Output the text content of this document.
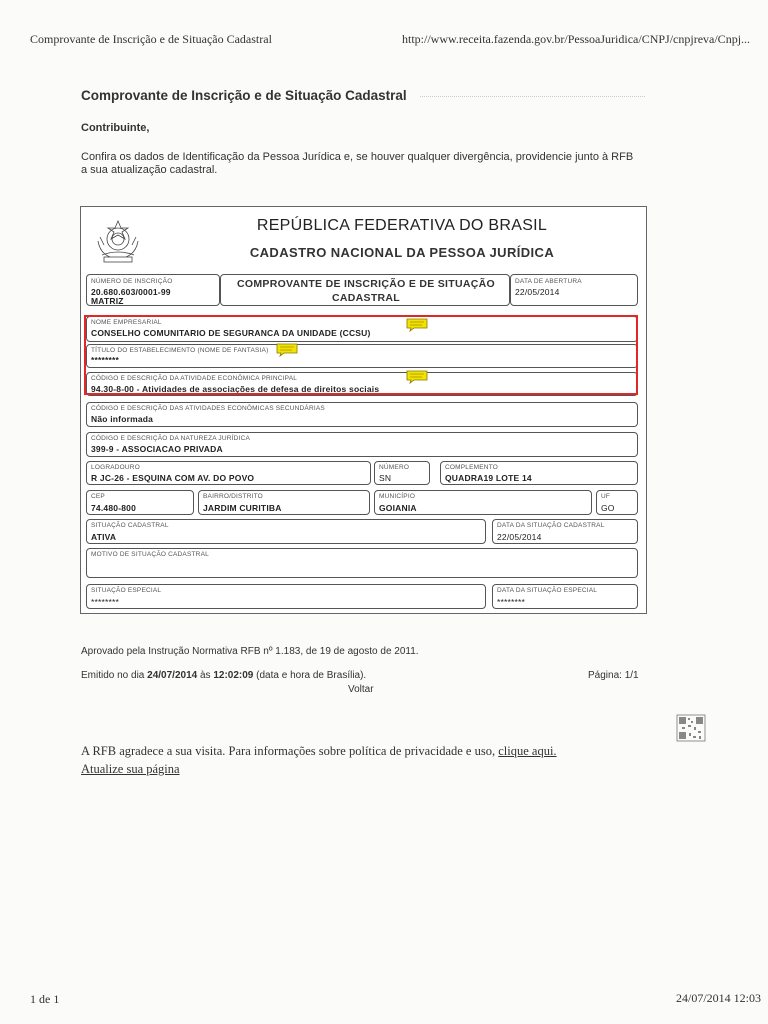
Comprovante de Inscrição e de Situação Cadastral	http://www.receita.fazenda.gov.br/PessoaJuridica/CNPJ/cnpjreva/Cnpj...
Comprovante de Inscrição e de Situação Cadastral
Contribuinte,
Confira os dados de Identificação da Pessoa Jurídica e, se houver qualquer divergência, providencie junto à RFB a sua atualização cadastral.
REPÚBLICA FEDERATIVA DO BRASIL
CADASTRO NACIONAL DA PESSOA JURÍDICA
NÚMERO DE INSCRIÇÃO
20.680.603/0001-99
MATRIZ
COMPROVANTE DE INSCRIÇÃO E DE SITUAÇÃO CADASTRAL
DATA DE ABERTURA
22/05/2014
NOME EMPRESARIAL
CONSELHO COMUNITARIO DE SEGURANCA DA UNIDADE (CCSU)
TÍTULO DO ESTABELECIMENTO (NOME DE FANTASIA)
********
CÓDIGO E DESCRIÇÃO DA ATIVIDADE ECONÔMICA PRINCIPAL
94.30-8-00 - Atividades de associações de defesa de direitos sociais
CÓDIGO E DESCRIÇÃO DAS ATIVIDADES ECONÔMICAS SECUNDÁRIAS
Não informada
CÓDIGO E DESCRIÇÃO DA NATUREZA JURÍDICA
399-9 - ASSOCIACAO PRIVADA
LOGRADOURO
R JC-26 - ESQUINA COM AV. DO POVO
NÚMERO
SN
COMPLEMENTO
QUADRA19 LOTE 14
CEP
74.480-800
BAIRRO/DISTRITO
JARDIM CURITIBA
MUNICÍPIO
GOIANIA
UF
GO
SITUAÇÃO CADASTRAL
ATIVA
DATA DA SITUAÇÃO CADASTRAL
22/05/2014
MOTIVO DE SITUAÇÃO CADASTRAL
SITUAÇÃO ESPECIAL
********
DATA DA SITUAÇÃO ESPECIAL
********
Aprovado pela Instrução Normativa RFB nº 1.183, de 19 de agosto de 2011.
Emitido no dia 24/07/2014 às 12:02:09 (data e hora de Brasília).	Página: 1/1
Voltar
A RFB agradece a sua visita. Para informações sobre política de privacidade e uso, clique aqui.
Atualize sua página
1 de 1	24/07/2014 12:03
